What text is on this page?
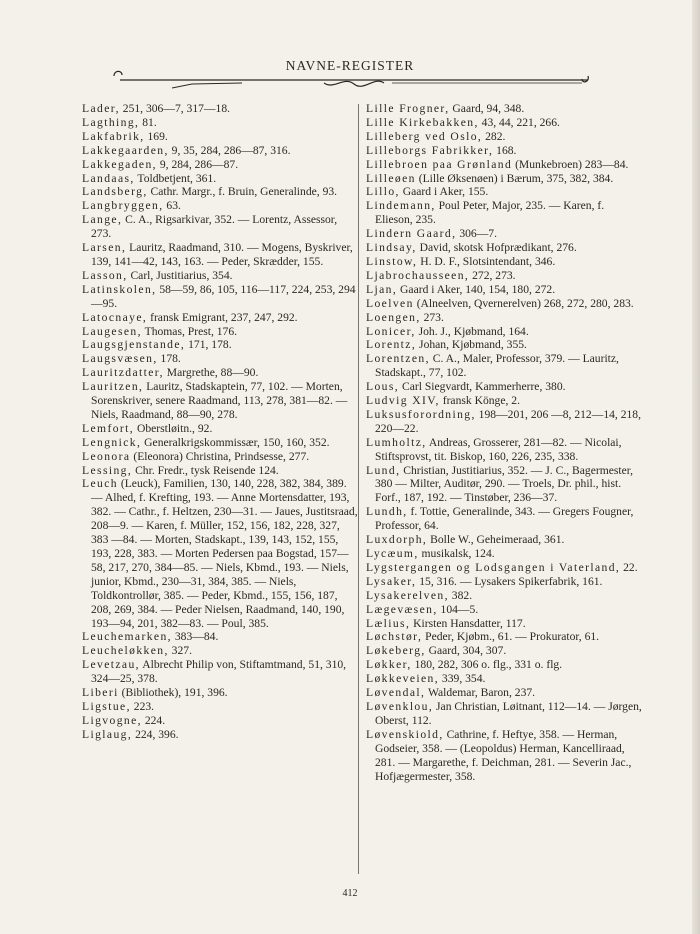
NAVNE-REGISTER

Lader, 251, 306—7, 317—18.

Lagthing, 81.

Lakfabrik, 169.

Lakkegaarden, 9, 35, 284, 286—87, 316.

Lakkegaden, 9, 284, 286—87.

Landaas, Toldbetjent, 361.

Landsberg, Cathr. Margr., f. Bruin, Generalinde, 93.

Langbryggen, 63.

Lange, C. A., Rigsarkivar, 352. — Lorentz, Assessor, 273.

Larsen, Lauritz, Raadmand, 310. — Mogens, Byskriver, 139, 141—42, 143, 163. — Peder, Skrædder, 155.

Lasson, Carl, Justitiarius, 354.

Latinskolen, 58—59, 86, 105, 116—117, 224, 253, 294—95.

Latocnaye, fransk Emigrant, 237, 247, 292.

Laugesen, Thomas, Prest, 176.

Laugsgjenstande, 171, 178.

Laugsvæsen, 178.

Lauritzdatter, Margrethe, 88—90.

Lauritzen, Lauritz, Stadskaptein, 77, 102. — Morten, Sorenskriver, senere Raadmand, 113, 278, 381—82. — Niels, Raadmand, 88—90, 278.

Lemfort, Oberstløitn., 92.

Lengnick, Generalkrigskommissær, 150, 160, 352.

Leonora (Eleonora) Christina, Prindsesse, 277.

Lessing, Chr. Fredr., tysk Reisende 124.

Leuch (Leuck), Familien, 130, 140, 228, 382, 384, 389. — Alhed, f. Krefting, 193. — Anne Mortensdatter, 193, 382. — Cathr., f. Heltzen, 230—31. — Jaues, Justitsraad, 208—9. — Karen, f. Müller, 152, 156, 182, 228, 327, 383 —84. — Morten, Stadskapt., 139, 143, 152, 155, 193, 228, 383. — Morten Pedersen paa Bogstad, 157—58, 217, 270, 384—85. — Niels, Kbmd., 193. — Niels, junior, Kbmd., 230—31, 384, 385. — Niels, Toldkontrollør, 385. — Peder, Kbmd., 155, 156, 187, 208, 269, 384. — Peder Nielsen, Raadmand, 140, 190, 193—94, 201, 382—83. — Poul, 385.

Leuchemarken, 383—84.

Leucheløkken, 327.

Levetzau, Albrecht Philip von, Stiftamtmand, 51, 310, 324—25, 378.

Liberi (Bibliothek), 191, 396.

Ligstue, 223.

Ligvogne, 224.

Liglaug, 224, 396.

Lille Frogner, Gaard, 94, 348.

Lille Kirkebakken, 43, 44, 221, 266.

Lilleberg ved Oslo, 282.

Lilleborgs Fabrikker, 168.

Lillebroen paa Grønland (Munkebroen) 283—84.

Lilleøen (Lille Øksenøen) i Bærum, 375, 382, 384.

Lillo, Gaard i Aker, 155.

Lindemann, Poul Peter, Major, 235. — Karen, f. Elieson, 235.

Lindern Gaard, 306—7.

Lindsay, David, skotsk Hofprædikant, 276.

Linstow, H. D. F., Slotsintendant, 346.

Ljabrochausseen, 272, 273.

Ljan, Gaard i Aker, 140, 154, 180, 272.

Loelven (Alneelven, Qvernerelven) 268, 272, 280, 283.

Loengen, 273.

Lonicer, Joh. J., Kjøbmand, 164.

Lorentz, Johan, Kjøbmand, 355.

Lorentzen, C. A., Maler, Professor, 379. — Lauritz, Stadskapt., 77, 102.

Lous, Carl Siegvardt, Kammerherre, 380.

Ludvig XIV, fransk Könge, 2.

Luksusforordning, 198—201, 206 —8, 212—14, 218, 220—22.

Lumholtz, Andreas, Grosserer, 281—82. — Nicolai, Stiftsprovst, tit. Biskop, 160, 226, 235, 338.

Lund, Christian, Justitiarius, 352. — J. C., Bagermester, 380 — Milter, Auditør, 290. — Troels, Dr. phil., hist. Forf., 187, 192. — Tinstøber, 236—37.

Lundh, f. Tottie, Generalinde, 343. — Gregers Fougner, Professor, 64.

Luxdorph, Bolle W., Geheimeraad, 361.

Lycæum, musikalsk, 124.

Lygstergangen og Lodsgangen i Vaterland, 22.

Lysaker, 15, 316. — Lysakers Spikerfabrik, 161.

Lysakerelven, 382.

Lægevæsen, 104—5.

Lælius, Kirsten Hansdatter, 117.

Løchstør, Peder, Kjøbm., 61. — Prokurator, 61.

Løkeberg, Gaard, 304, 307.

Løkker, 180, 282, 306 o. flg., 331 o. flg.

Løkkeveien, 339, 354.

Løvendal, Waldemar, Baron, 237.

Løvenklou, Jan Christian, Løitnant, 112—14. — Jørgen, Oberst, 112.

Løvenskiold, Cathrine, f. Heftye, 358. — Herman, Godseier, 358. — (Leopoldus) Herman, Kancelliraad, 281. — Margarethe, f. Deichman, 281. — Severin Jac., Hofjægermester, 358.

412
